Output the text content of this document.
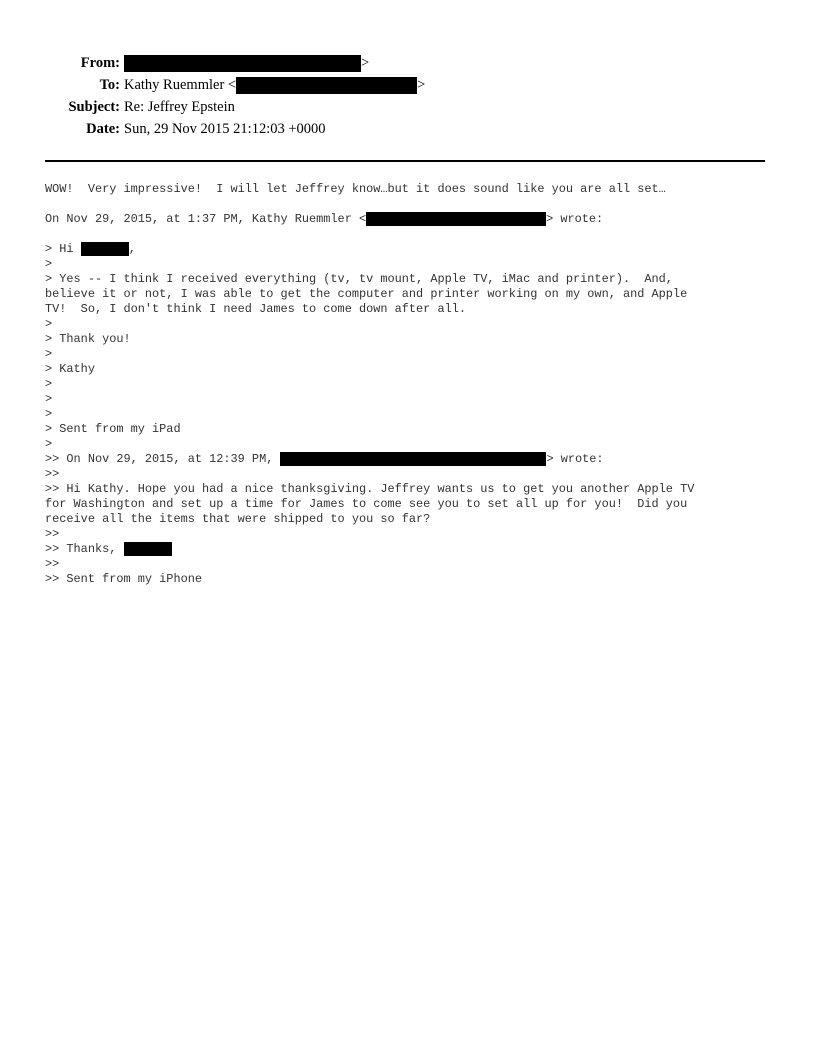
From:	>
To: Kathy Ruemmler <	>
Subject: Re: Jeffrey Epstein
Date: Sun, 29 Nov 2015 21:12:03 +0000
WOW!  Very impressive!  I will let Jeffrey know…but it does sound like you are all set…
On Nov 29, 2015, at 1:37 PM, Kathy Ruemmler <	> wrote:
> Hi	,
>
> Yes -- I think I received everything (tv, tv mount, Apple TV, iMac and printer).  And,
believe it or not, I was able to get the computer and printer working on my own, and Apple
TV!  So, I don't think I need James to come down after all.
>
> Thank you!
>
> Kathy
>
>
>
> Sent from my iPad
>
>> On Nov 29, 2015, at 12:39 PM,	> wrote:
>>
>> Hi Kathy. Hope you had a nice thanksgiving. Jeffrey wants us to get you another Apple TV
for Washington and set up a time for James to come see you to set all up for you!  Did you
receive all the items that were shipped to you so far?
>>
>> Thanks,
>>
>> Sent from my iPhone
